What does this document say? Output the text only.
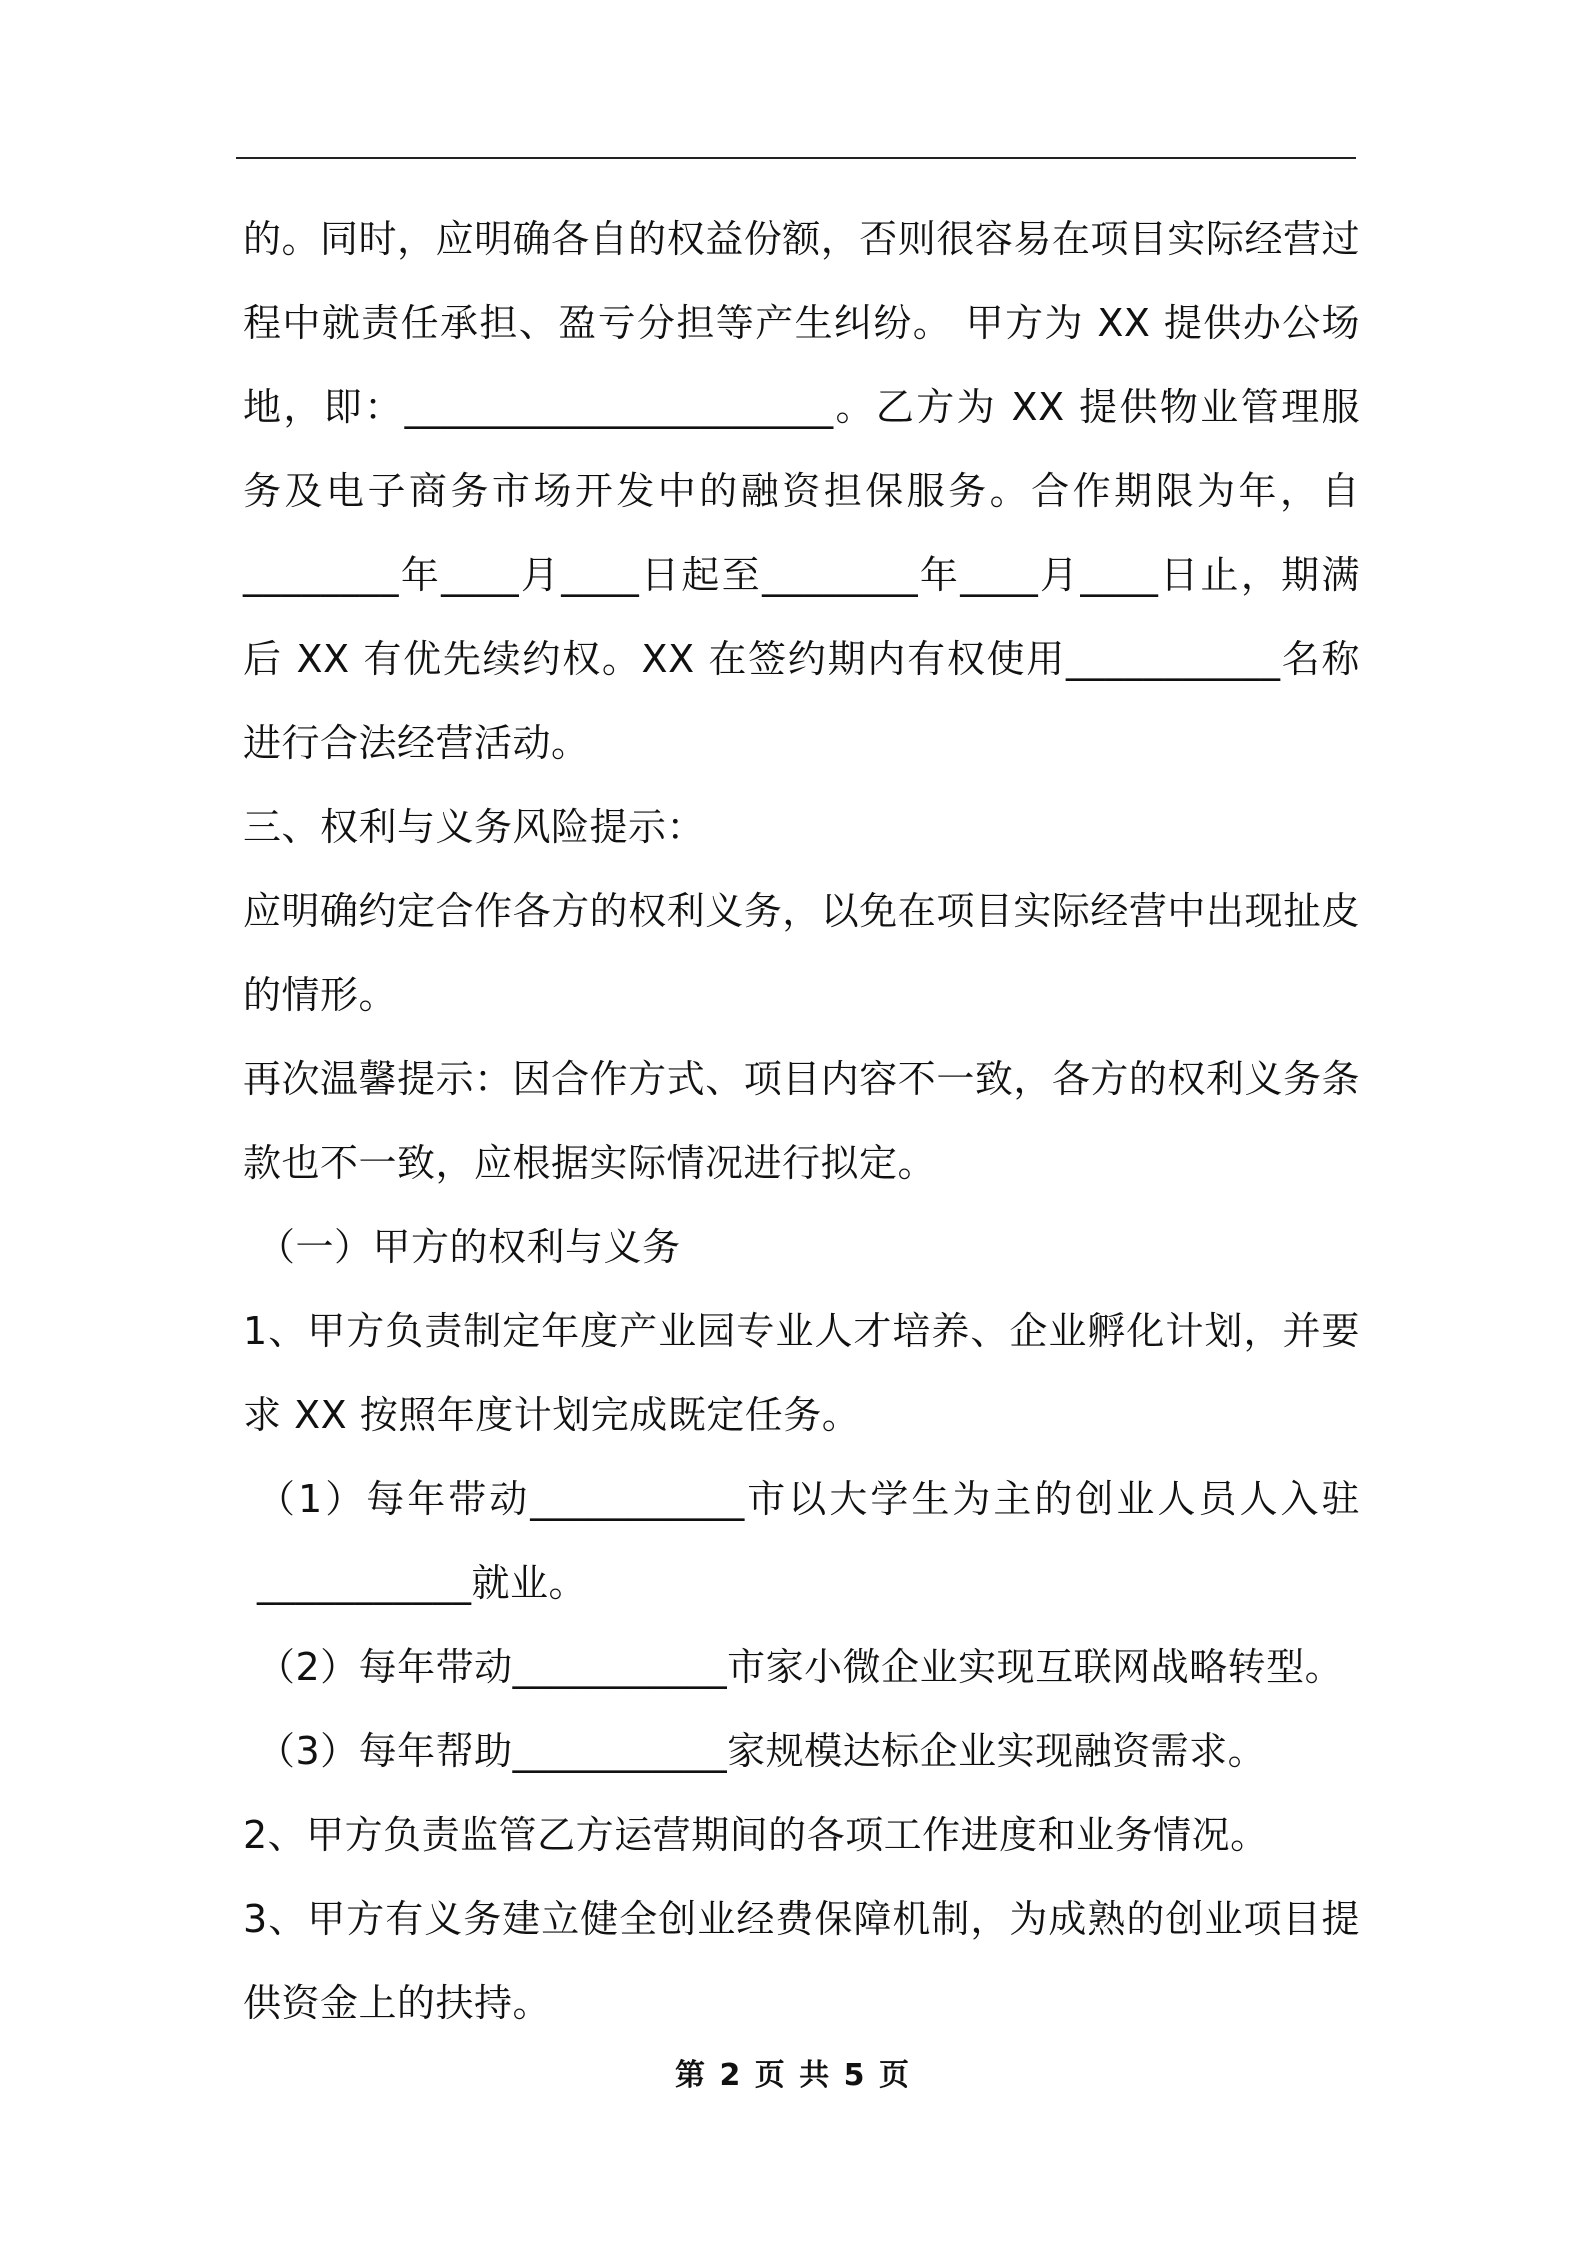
的。同时，应明确各自的权益份额，否则很容易在项目实际经营过程中就责任承担、盈亏分担等产生纠纷。 甲方为 XX 提供办公场地，即：______________________。乙方为 XX 提供物业管理服务及电子商务市场开发中的融资担保服务。合作期限为年，自________年____月____日起至________年____月____日止，期满后 XX 有优先续约权。XX 在签约期内有权使用___________名称进行合法经营活动。

三、权利与义务风险提示：

应明确约定合作各方的权利义务，以免在项目实际经营中出现扯皮的情形。

再次温馨提示：因合作方式、项目内容不一致，各方的权利义务条款也不一致，应根据实际情况进行拟定。

（一）甲方的权利与义务

1、甲方负责制定年度产业园专业人才培养、企业孵化计划，并要求 XX 按照年度计划完成既定任务。

（1）每年带动___________市以大学生为主的创业人员人入驻___________就业。

（2）每年带动___________市家小微企业实现互联网战略转型。

（3）每年帮助___________家规模达标企业实现融资需求。

2、甲方负责监管乙方运营期间的各项工作进度和业务情况。

3、甲方有义务建立健全创业经费保障机制，为成熟的创业项目提供资金上的扶持。

第 2 页 共 5 页
